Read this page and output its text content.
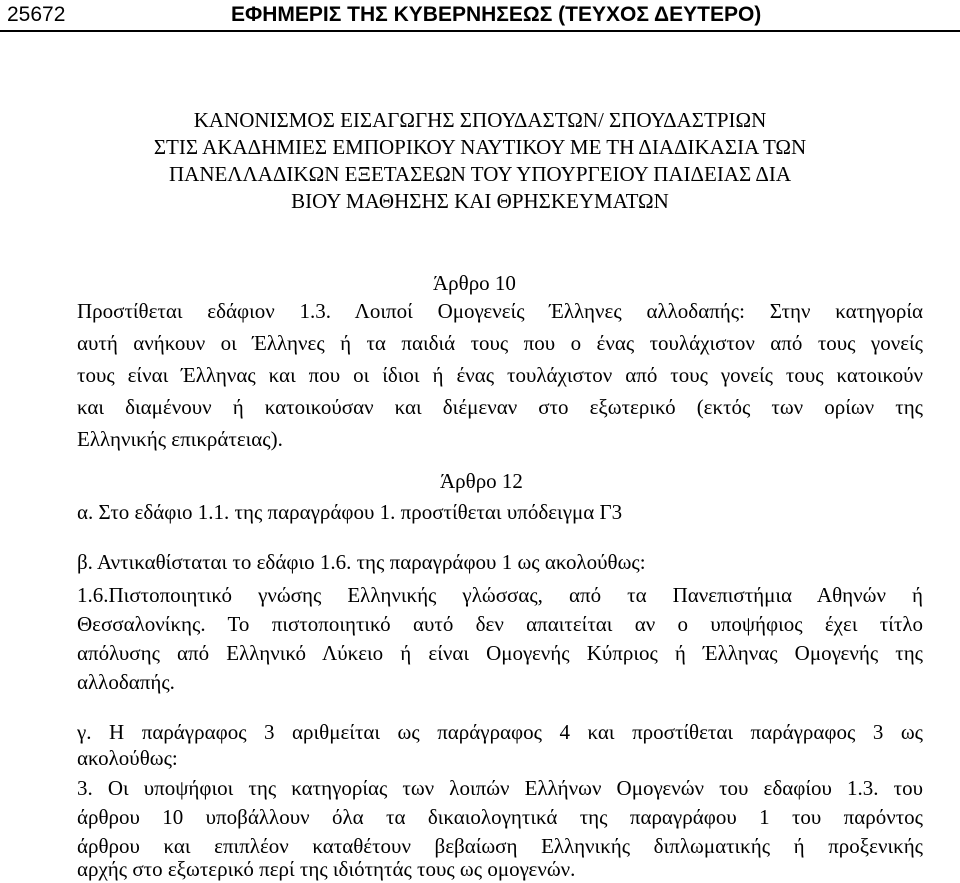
25672	ΕΦΗΜΕΡΙΣ ΤΗΣ ΚΥΒΕΡΝΗΣΕΩΣ (ΤΕΥΧΟΣ ΔΕΥΤΕΡΟ)
ΚΑΝΟΝΙΣΜΟΣ ΕΙΣΑΓΩΓΗΣ ΣΠΟΥΔΑΣΤΩΝ/ ΣΠΟΥΔΑΣΤΡΙΩΝ
ΣΤΙΣ ΑΚΑΔΗΜΙΕΣ ΕΜΠΟΡΙΚΟΥ ΝΑΥΤΙΚΟΥ ΜΕ ΤΗ ΔΙΑΔΙΚΑΣΙΑ ΤΩΝ
ΠΑΝΕΛΛΑΔΙΚΩΝ ΕΞΕΤΑΣΕΩΝ ΤΟΥ ΥΠΟΥΡΓΕΙΟΥ ΠΑΙΔΕΙΑΣ ΔΙΑ
ΒΙΟΥ ΜΑΘΗΣΗΣ ΚΑΙ ΘΡΗΣΚΕΥΜΑΤΩΝ
Άρθρο 10
Προστίθεται εδάφιον 1.3. Λοιποί Ομογενείς Έλληνες αλλοδαπής: Στην κατηγορία
αυτή ανήκουν οι Έλληνες ή τα παιδιά τους που ο ένας τουλάχιστον από τους γονείς
τους είναι Έλληνας και που οι ίδιοι ή ένας τουλάχιστον από τους γονείς τους κατοικούν
και διαμένουν ή κατοικούσαν και διέμεναν στο εξωτερικό (εκτός των ορίων της
Ελληνικής επικράτειας).
Άρθρο 12
α. Στο εδάφιο 1.1. της παραγράφου 1. προστίθεται υπόδειγμα Γ3
β. Αντικαθίσταται το εδάφιο 1.6. της παραγράφου 1 ως ακολούθως:
1.6.Πιστοποιητικό γνώσης Ελληνικής γλώσσας, από τα Πανεπιστήμια Αθηνών ή
Θεσσαλονίκης. Το πιστοποιητικό αυτό δεν απαιτείται αν ο υποψήφιος έχει τίτλο
απόλυσης από Ελληνικό Λύκειο ή είναι Ομογενής Κύπριος ή Έλληνας Ομογενής της
αλλοδαπής.
γ. Η παράγραφος 3 αριθμείται ως παράγραφος 4 και προστίθεται παράγραφος 3 ως
ακολούθως:
3. Οι υποψήφιοι της κατηγορίας των λοιπών Ελλήνων Ομογενών του εδαφίου 1.3. του
άρθρου 10 υποβάλλουν όλα τα δικαιολογητικά της παραγράφου 1 του παρόντος
άρθρου και επιπλέον καταθέτουν βεβαίωση Ελληνικής διπλωματικής ή προξενικής
αρχής στο εξωτερικό περί της ιδιότητάς τους ως ομογενών.
